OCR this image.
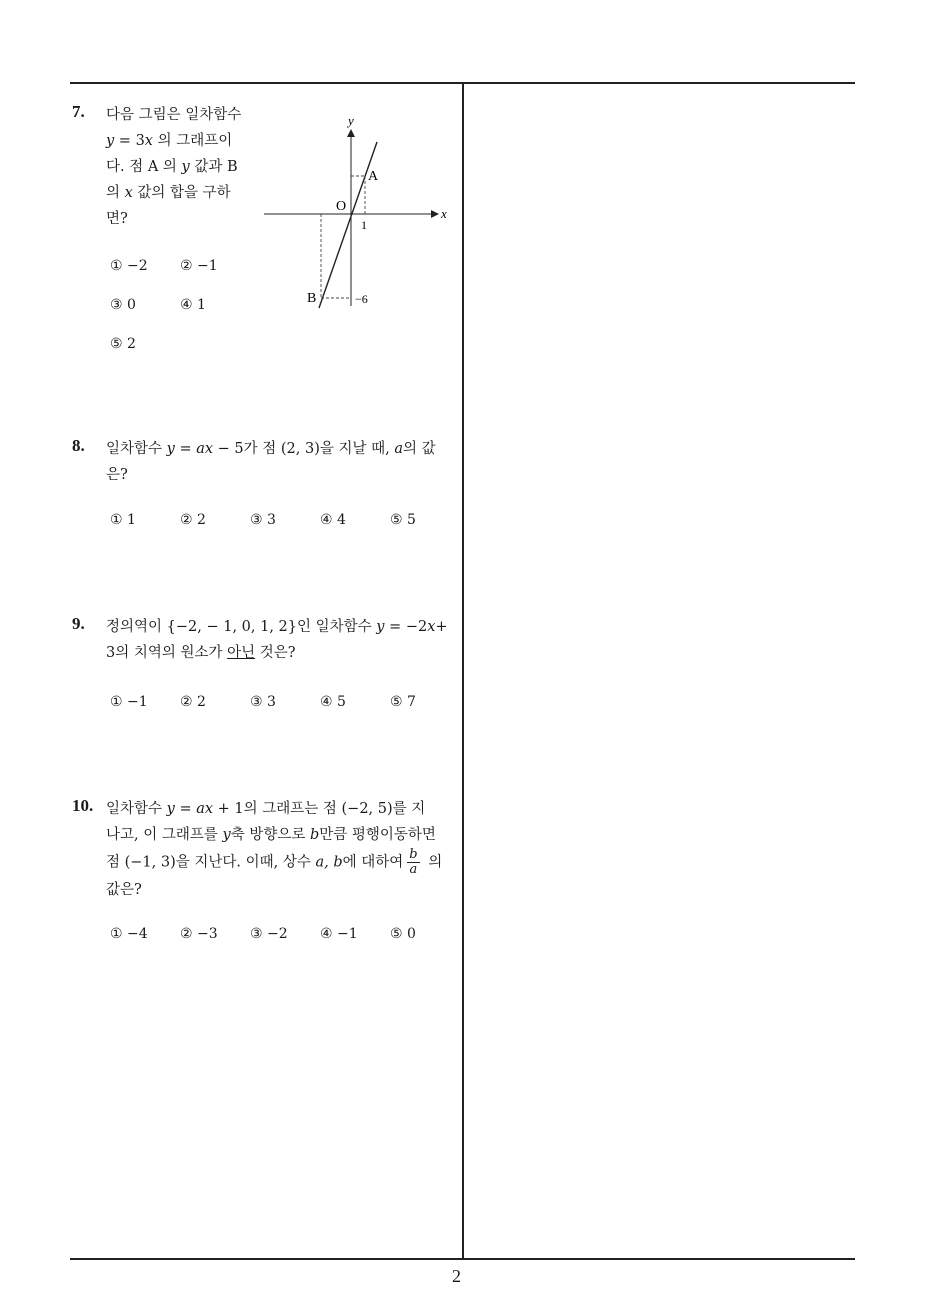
7. 다음 그림은 일차함수
y = 3x 의 그래프이
다. 점 A 의 y 값과 B
의 x 값의 합을 구하
면?
① −2 ② −1
③ 0	④ 1
⑤ 2
y
x
O
A
B
1
−6
8. 일차함수 y = ax − 5가 점 (2, 3)을 지날 때, a의 값
은?
① 1	② 2	③ 3	④ 4	⑤ 5
9. 정의역이 {−2, − 1, 0, 1, 2}인 일차함수 y = −2x+
3의 치역의 원소가 아닌 것은?
① −1 ② 2	③ 3	④ 5	⑤ 7
10. 일차함수 y = ax + 1의 그래프는 점 (−2, 5)를 지
나고, 이 그래프를 y축 방향으로 b만큼 평행이동하면
점 (−1, 3)을 지난다. 이때, 상수 a, b에 대하여 $\frac{b}{a}$ 의
값은?
① −4 ② −3 ③ −2 ④ −1 ⑤ 0
2
